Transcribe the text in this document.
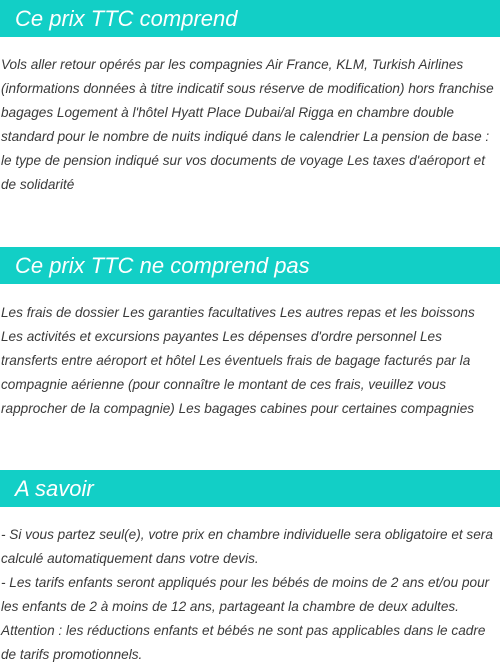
Ce prix TTC comprend

Vols aller retour opérés par les compagnies Air France, KLM, Turkish Airlines (informations données à titre indicatif sous réserve de modification) hors franchise bagages Logement à l'hôtel Hyatt Place Dubai/al Rigga en chambre double standard pour le nombre de nuits indiqué dans le calendrier La pension de base : le type de pension indiqué sur vos documents de voyage Les taxes d'aéroport et de solidarité

Ce prix TTC ne comprend pas

Les frais de dossier Les garanties facultatives Les autres repas et les boissons Les activités et excursions payantes Les dépenses d'ordre personnel Les transferts entre aéroport et hôtel Les éventuels frais de bagage facturés par la compagnie aérienne (pour connaître le montant de ces frais, veuillez vous rapprocher de la compagnie) Les bagages cabines pour certaines compagnies

A savoir
- Si vous partez seul(e), votre prix en chambre individuelle sera obligatoire et sera calculé automatiquement dans votre devis.
- Les tarifs enfants seront appliqués pour les bébés de moins de 2 ans et/ou pour les enfants de 2 à moins de 12 ans, partageant la chambre de deux adultes.
Attention : les réductions enfants et bébés ne sont pas applicables dans le cadre de tarifs promotionnels.
